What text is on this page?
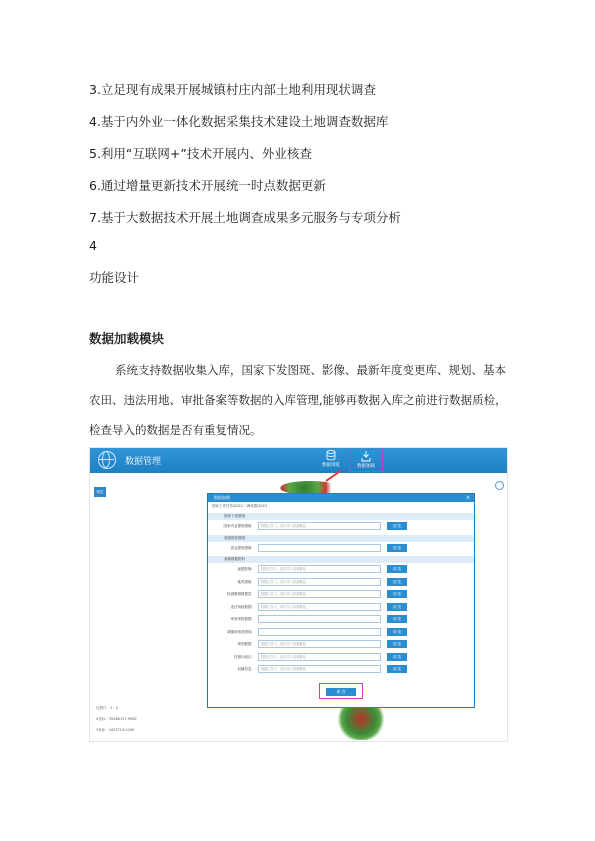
3.立足现有成果开展城镇村庄内部土地利用现状调查
4.基于内外业一体化数据采集技术建设土地调查数据库
5.利用“互联网+”技术开展内、外业核查
6.通过增量更新技术开展统一时点数据更新
7.基于大数据技术开展土地调查成果多元服务与专项分析
4
功能设计
数据加载模块
系统支持数据收集入库，国家下发图斑、影像、最新年度变更库、规划、基本农田、违法用地、审批备案等数据的入库管理,能够再数据入库之前进行数据质检，检查导入的数据是否有重复情况。
数据管理	数据浏览	数据加载
图层
比例尺：1 : 0
X坐标：39480137.0962
Y坐标：4433714.0449
数据加载	×
国家工作任务\2021二调成果\2021
国家下发图斑
国家内业提取图斑：	数据已导入，再次导入将被覆盖。	浏 览
省级提取图斑
省业提取图斑：	浏 览
基础数据资料
遥感影像：	数据已导入，再次导入将被覆盖。	浏 览
地类图斑：	数据已导入，再次导入将被覆盖。	浏 览
检测图斑数据层：	数据已导入，再次导入将被覆盖。	浏 览
违法用地数据：	数据已导入，再次导入将被覆盖。	浏 览
审查审批数据：	浏 览
城镇规划范围线：	浏 览
规划数据：	数据已导入，再次导入将被覆盖。	浏 览
村级行政区：	数据已导入，再次导入将被覆盖。	浏 览
权属信息：	数据已导入，再次导入将被覆盖。	浏 览
保 存
